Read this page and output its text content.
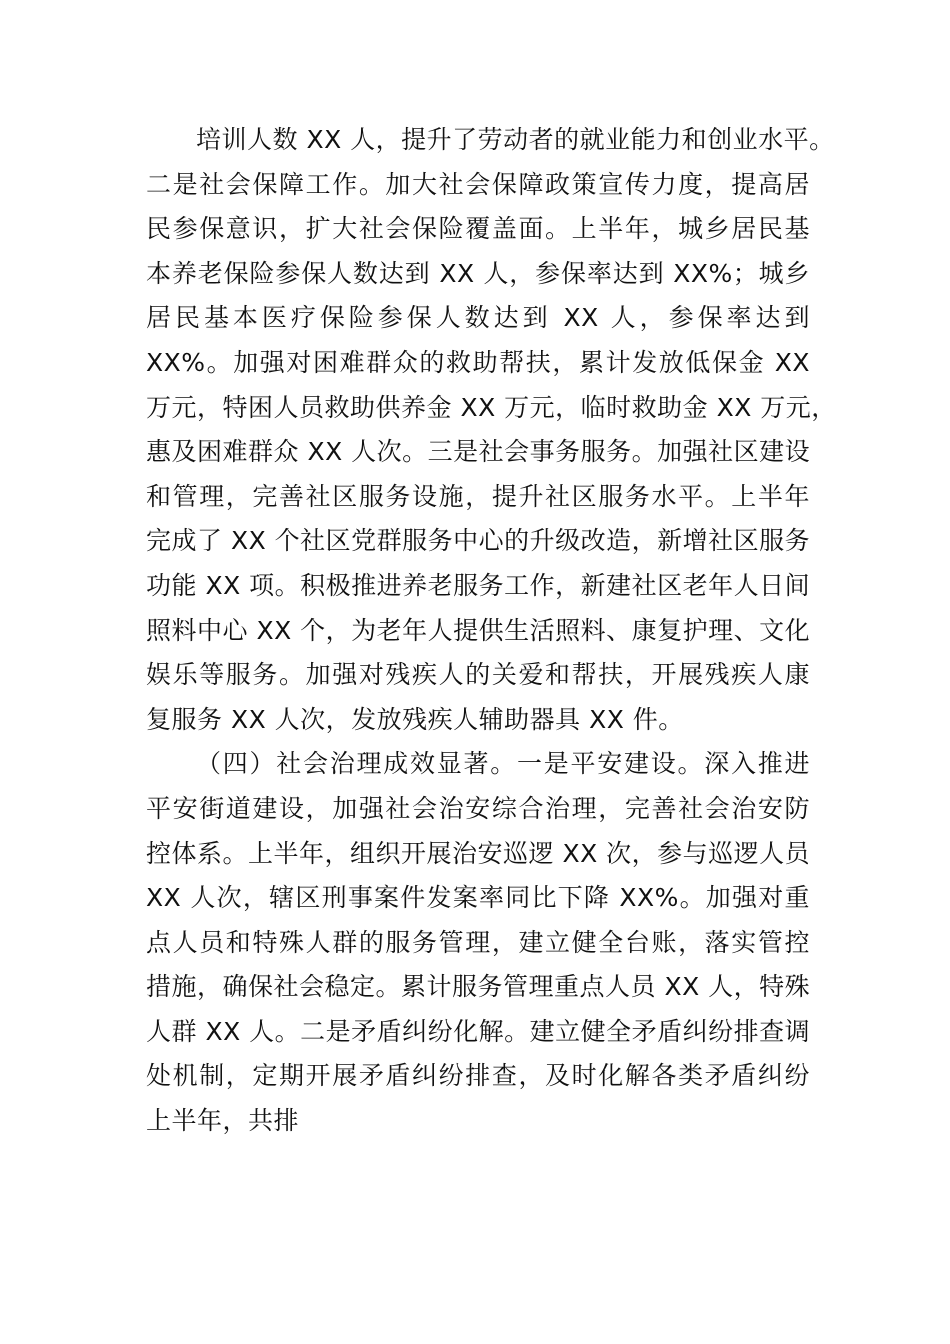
培训人数 XX 人，提升了劳动者的就业能力和创业水平。
二是社会保障工作。加大社会保障政策宣传力度，提高居
民参保意识，扩大社会保险覆盖面。上半年，城乡居民基
本养老保险参保人数达到 XX 人，参保率达到 XX%；城乡
居民基本医疗保险参保人数达到 XX 人，参保率达到
XX%。加强对困难群众的救助帮扶，累计发放低保金 XX
万元，特困人员救助供养金 XX 万元，临时救助金 XX 万元，
惠及困难群众 XX 人次。三是社会事务服务。加强社区建设
和管理，完善社区服务设施，提升社区服务水平。上半年
完成了 XX 个社区党群服务中心的升级改造，新增社区服务
功能 XX 项。积极推进养老服务工作，新建社区老年人日间
照料中心 XX 个，为老年人提供生活照料、康复护理、文化
娱乐等服务。加强对残疾人的关爱和帮扶，开展残疾人康
复服务 XX 人次，发放残疾人辅助器具 XX 件。
（四）社会治理成效显著。一是平安建设。深入推进
平安街道建设，加强社会治安综合治理，完善社会治安防
控体系。上半年，组织开展治安巡逻 XX 次，参与巡逻人员
XX 人次，辖区刑事案件发案率同比下降 XX%。加强对重
点人员和特殊人群的服务管理，建立健全台账，落实管控
措施，确保社会稳定。累计服务管理重点人员 XX 人，特殊
人群 XX 人。二是矛盾纠纷化解。建立健全矛盾纠纷排查调
处机制，定期开展矛盾纠纷排查，及时化解各类矛盾纠纷
上半年，共排
